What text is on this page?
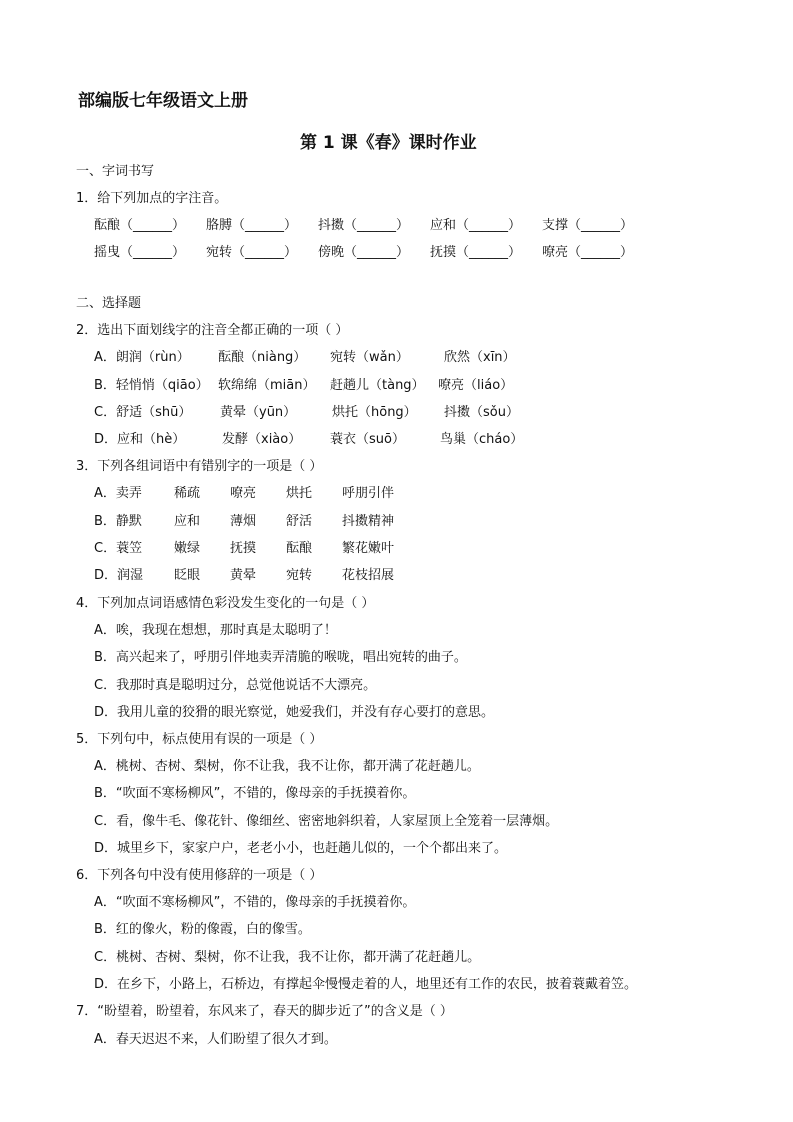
部编版七年级语文上册
第 1 课《春》课时作业
一、字词书写
1．给下列加点的字注音。
酝酿（______） 胳膊（______） 抖擞（______） 应和（______） 支撑（______）
摇曳（______） 宛转（______） 傍晚（______） 抚摸（______） 嘹亮（______）
二、选择题
2．选出下面划线字的注音全都正确的一项（ ）
A．朗润（rùn） 酝酿（niàng） 宛转（wǎn）	欣然（xīn）
B．轻悄悄（qiāo） 软绵绵（miān） 赶趟儿（tàng） 嘹亮（liáo）
C．舒适（shū） 黄晕（yūn）	烘托（hōng） 抖擞（sǒu）
D．应和（hè）	发酵（xiào） 蓑衣（suō）	鸟巢（cháo）
3．下列各组词语中有错别字的一项是（ ）
A．卖弄 稀疏 嘹亮 烘托 呼朋引伴
B．静默 应和 薄烟 舒活 抖擞精神
C．蓑笠 嫩绿 抚摸 酝酿 繁花嫩叶
D．润湿 眨眼 黄晕 宛转 花枝招展
4．下列加点词语感情色彩没发生变化的一句是（ ）
A．唉，我现在想想，那时真是太聪明了！
B．高兴起来了，呼朋引伴地卖弄清脆的喉咙，唱出宛转的曲子。
C．我那时真是聪明过分，总觉他说话不大漂亮。
D．我用儿童的狡猾的眼光察觉，她爱我们，并没有存心要打的意思。
5．下列句中，标点使用有误的一项是（ ）
A．桃树、杏树、梨树，你不让我，我不让你，都开满了花赶趟儿。
B．“吹面不寒杨柳风”，不错的，像母亲的手抚摸着你。
C．看，像牛毛、像花针、像细丝、密密地斜织着，人家屋顶上全笼着一层薄烟。
D．城里乡下，家家户户，老老小小，也赶趟儿似的，一个个都出来了。
6．下列各句中没有使用修辞的一项是（ ）
A．“吹面不寒杨柳风”，不错的，像母亲的手抚摸着你。
B．红的像火，粉的像霞，白的像雪。
C．桃树、杏树、梨树，你不让我，我不让你，都开满了花赶趟儿。
D．在乡下，小路上，石桥边，有撑起伞慢慢走着的人，地里还有工作的农民，披着蓑戴着笠。
7．“盼望着，盼望着，东风来了，春天的脚步近了”的含义是（ ）
A．春天迟迟不来，人们盼望了很久才到。
